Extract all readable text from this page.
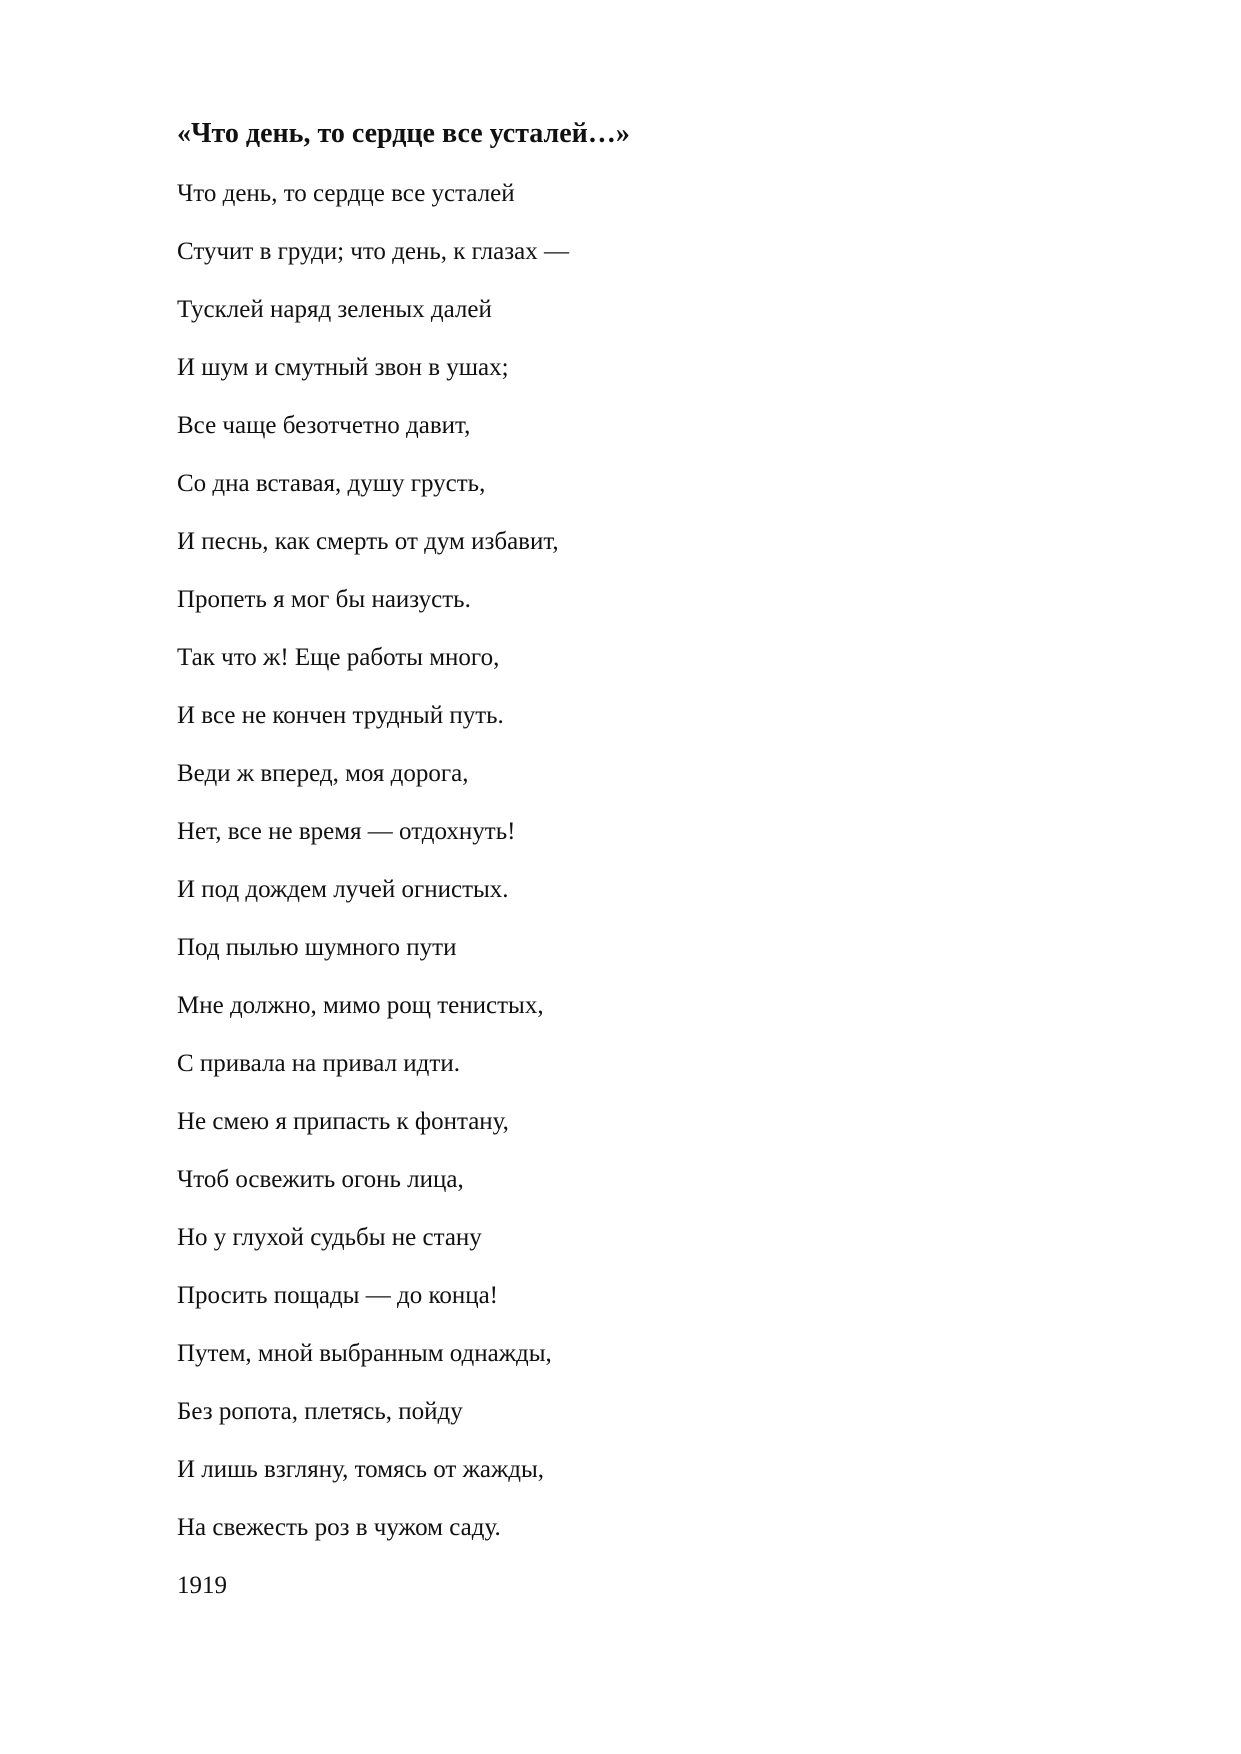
«Что день, то сердце все усталей…»
Что день, то сердце все усталей
Стучит в груди; что день, к глазах —
Тусклей наряд зеленых далей
И шум и смутный звон в ушах;
Все чаще безотчетно давит,
Со дна вставая, душу грусть,
И песнь, как смерть от дум избавит,
Пропеть я мог бы наизусть.
Так что ж! Еще работы много,
И все не кончен трудный путь.
Веди ж вперед, моя дорога,
Нет, все не время — отдохнуть!
И под дождем лучей огнистых.
Под пылью шумного пути
Мне должно, мимо рощ тенистых,
С привала на привал идти.
Не смею я припасть к фонтану,
Чтоб освежить огонь лица,
Но у глухой судьбы не стану
Просить пощады — до конца!
Путем, мной выбранным однажды,
Без ропота, плетясь, пойду
И лишь взгляну, томясь от жажды,
На свежесть роз в чужом саду.
1919
